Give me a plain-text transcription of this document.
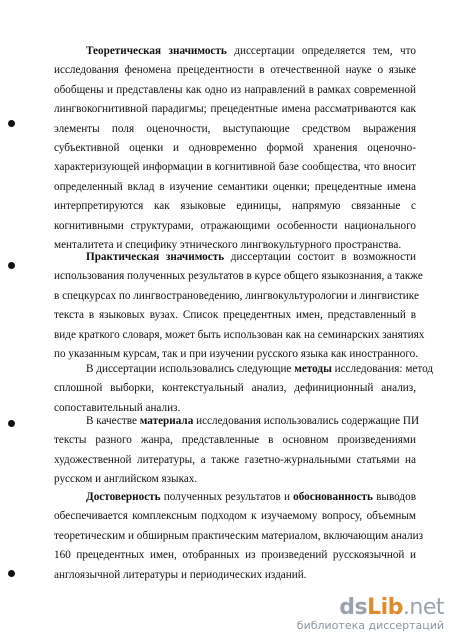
Теоретическая значимость диссертации определяется тем, что
исследования феномена прецедентности в отечественной науке о языке
обобщены и представлены как одно из направлений в рамках современной
лингвокогнитивной парадигмы; прецедентные имена рассматриваются как
элементы поля оценочности, выступающие средством выражения
субъективной оценки и одновременно формой хранения оценочно-
характеризующей информации в когнитивной базе сообщества, что вносит
определенный вклад в изучение семантики оценки; прецедентные имена
интерпретируются как языковые единицы, напрямую связанные с
когнитивными структурами, отражающими особенности национального
менталитета и специфику этнического лингвокультурного пространства.
Практическая значимость диссертации состоит в возможности
использования полученных результатов в курсе общего языкознания, а также
в спецкурсах по лингвострановедению, лингвокультурологии и лингвистике
текста в языковых вузах. Список прецедентных имен, представленный в
виде краткого словаря, может быть использован как на семинарских занятиях
по указанным курсам, так и при изучении русского языка как иностранного.
В диссертации использовались следующие методы исследования: метод
сплошной выборки, контекстуальный анализ, дефиниционный анализ,
сопоставительный анализ.
В качестве материала исследования использовались содержащие ПИ
тексты разного жанра, представленные в основном произведениями
художественной литературы, а также газетно-журнальными статьями на
русском и английском языках.
Достоверность полученных результатов и обоснованность выводов
обеспечивается комплексным подходом к изучаемому вопросу, объемным
теоретическим и обширным практическим материалом, включающим анализ
160 прецедентных имен, отобранных из произведений русскоязычной и
англоязычной литературы и периодических изданий.
dsLib.net
библиотека диссертаций
